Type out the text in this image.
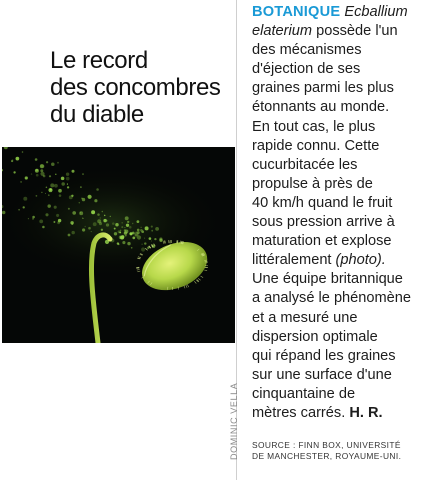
Le record
des concombres
du diable
DOMINIC VELLA
BOTANIQUE Ecballium
elaterium possède l'un
des mécanismes
d'éjection de ses
graines parmi les plus
étonnants au monde.
En tout cas, le plus
rapide connu. Cette
cucurbitacée les
propulse à près de
40 km/h quand le fruit
sous pression arrive à
maturation et explose
littéralement (photo).
Une équipe britannique
a analysé le phénomène
et a mesuré une
dispersion optimale
qui répand les graines
sur une surface d'une
cinquantaine de
mètres carrés. H. R.
SOURCE : FINN BOX, UNIVERSITÉ
DE MANCHESTER, ROYAUME-UNI.
